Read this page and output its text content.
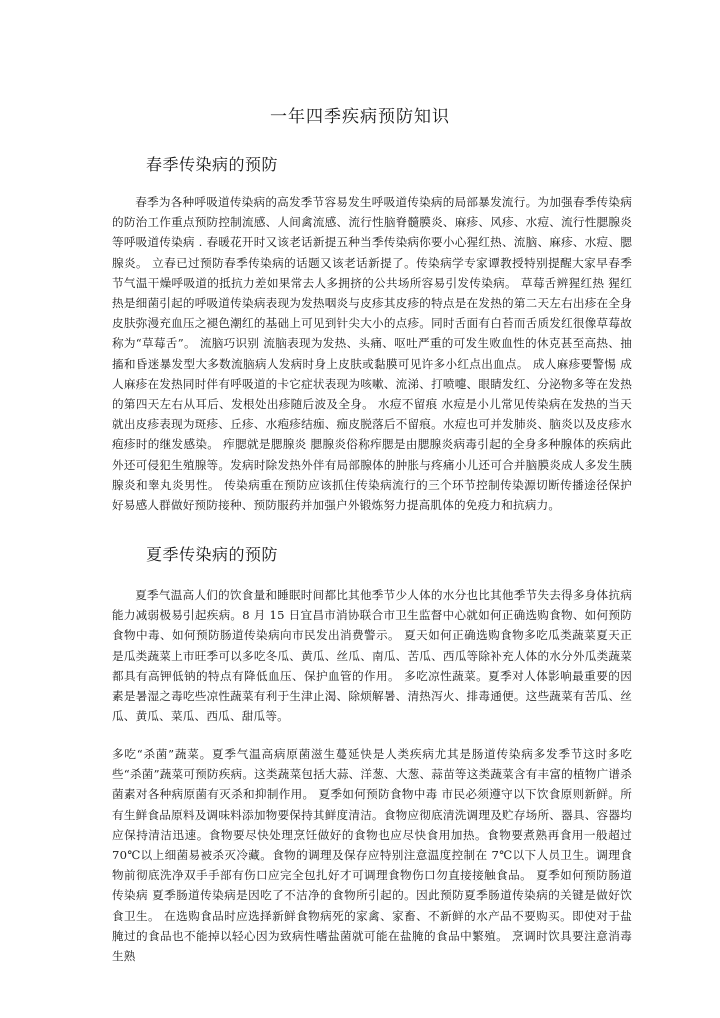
一年四季疾病预防知识
春季传染病的预防

春季为各种呼吸道传染病的高发季节容易发生呼吸道传染病的局部暴发流行。为加强春季传染病的防治工作重点预防控制流感、人间禽流感、流行性脑脊髓膜炎、麻疹、风疹、水痘、流行性腮腺炎等呼吸道传染病 . 春暖花开时又该老话新提五种当季传染病你要小心猩红热、流脑、麻疹、水痘、腮腺炎。 立春已过预防春季传染病的话题又该老话新提了。传染病学专家谭教授特别提醒大家早春季节气温干燥呼吸道的抵抗力差如果常去人多拥挤的公共场所容易引发传染病。 草莓舌辨猩红热 猩红热是细菌引起的呼吸道传染病表现为发热咽炎与皮疹其皮疹的特点是在发热的第二天左右出疹在全身皮肤弥漫充血压之褪色潮红的基础上可见到针尖大小的点疹。同时舌面有白苔而舌质发红很像草莓故称为“草莓舌”。 流脑巧识别 流脑表现为发热、头痛、呕吐严重的可发生败血性的休克甚至高热、抽搐和昏迷暴发型大多数流脑病人发病时身上皮肤或黏膜可见许多小红点出血点。 成人麻疹要警惕 成人麻疹在发热同时伴有呼吸道的卡它症状表现为咳嗽、流涕、打喷嚏、眼睛发红、分泌物多等在发热的第四天左右从耳后、发根处出疹随后波及全身。 水痘不留痕 水痘是小儿常见传染病在发热的当天就出皮疹表现为斑疹、丘疹、水疱疹结痂、痂皮脱落后不留痕。水痘也可并发肺炎、脑炎以及皮疹水疱疹时的继发感染。 痄腮就是腮腺炎 腮腺炎俗称痄腮是由腮腺炎病毒引起的全身多种腺体的疾病此外还可侵犯生殖腺等。发病时除发热外伴有局部腺体的肿胀与疼痛小儿还可合并脑膜炎成人多发生胰腺炎和睾丸炎男性。 传染病重在预防应该抓住传染病流行的三个环节控制传染源切断传播途径保护好易感人群做好预防接种、预防服药并加强户外锻炼努力提高肌体的免疫力和抗病力。

夏季传染病的预防

夏季气温高人们的饮食量和睡眠时间都比其他季节少人体的水分也比其他季节失去得多身体抗病能力减弱极易引起疾病。8 月 15 日宜昌市消协联合市卫生监督中心就如何正确选购食物、如何预防食物中毒、如何预防肠道传染病向市民发出消费警示。 夏天如何正确选购食物多吃瓜类蔬菜夏天正是瓜类蔬菜上市旺季可以多吃冬瓜、黄瓜、丝瓜、南瓜、苦瓜、西瓜等除补充人体的水分外瓜类蔬菜都具有高钾低钠的特点有降低血压、保护血管的作用。 多吃凉性蔬菜。夏季对人体影响最重要的因素是暑湿之毒吃些凉性蔬菜有利于生津止渴、除烦解暑、清热泻火、排毒通便。这些蔬菜有苦瓜、丝瓜、黄瓜、菜瓜、西瓜、甜瓜等。

多吃“杀菌”蔬菜。夏季气温高病原菌滋生蔓延快是人类疾病尤其是肠道传染病多发季节这时多吃些“杀菌”蔬菜可预防疾病。这类蔬菜包括大蒜、洋葱、大葱、蒜苗等这类蔬菜含有丰富的植物广谱杀菌素对各种病原菌有灭杀和抑制作用。 夏季如何预防食物中毒 市民必须遵守以下饮食原则新鲜。所有生鲜食品原料及调味料添加物要保持其鲜度清洁。食物应彻底清洗调理及贮存场所、器具、容器均应保持清洁迅速。食物要尽快处理烹饪做好的食物也应尽快食用加热。食物要煮熟再食用一般超过 70℃以上细菌易被杀灭冷藏。食物的调理及保存应特别注意温度控制在 7℃以下人员卫生。调理食物前彻底洗净双手手部有伤口应完全包扎好才可调理食物伤口勿直接接触食品。 夏季如何预防肠道传染病 夏季肠道传染病是因吃了不洁净的食物所引起的。因此预防夏季肠道传染病的关键是做好饮食卫生。 在选购食品时应选择新鲜食物病死的家禽、家畜、不新鲜的水产品不要购买。即使对于盐腌过的食品也不能掉以轻心因为致病性嗜盐菌就可能在盐腌的食品中繁殖。 烹调时饮具要注意消毒生熟
